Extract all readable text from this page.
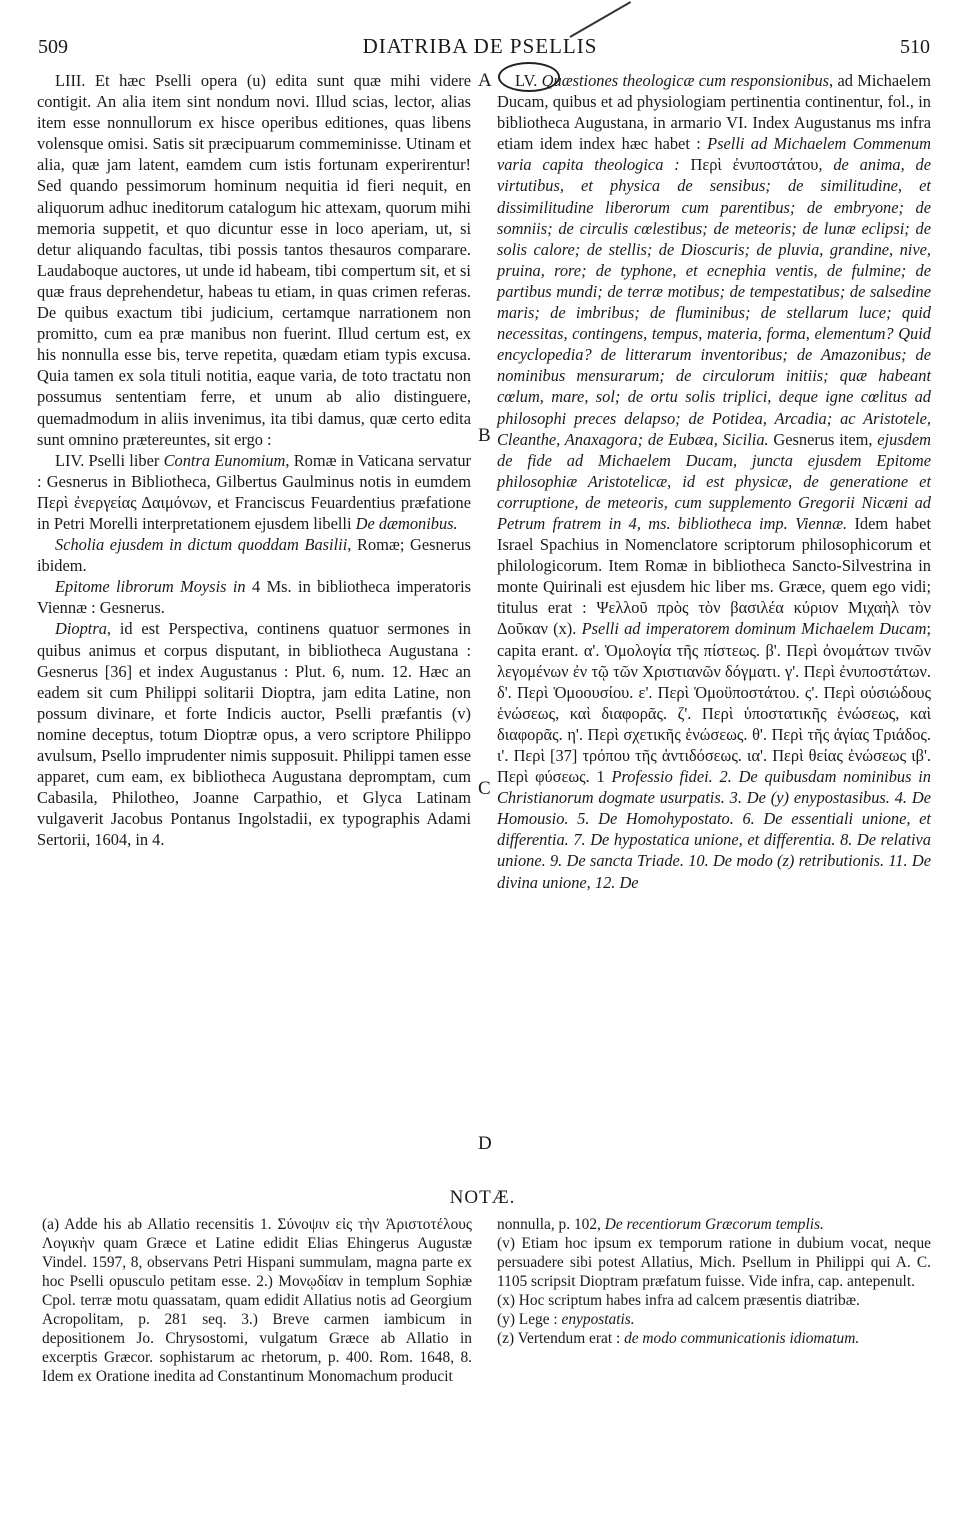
509	DIATRIBA DE PSELLIS	510
A
B
C
D

LIII. Et hæc Pselli opera (u) edita sunt quæ mihi videre contigit. An alia item sint nondum novi. Illud scias, lector, alias item esse nonnullorum ex hisce operibus editiones, quas libens volensque omisi. Satis sit præcipuarum commeminisse. Utinam et alia, quæ jam latent, eamdem cum istis fortunam experirentur! Sed quando pessimorum hominum nequitia id fieri nequit, en aliquorum adhuc ineditorum catalogum hic attexam, quorum mihi memoria suppetit, et quo dicuntur esse in loco aperiam, ut, si detur aliquando facultas, tibi possis tantos thesauros comparare. Laudaboque auctores, ut unde id habeam, tibi compertum sit, et si quæ fraus deprehendetur, habeas tu etiam, in quas crimen referas. De quibus exactum tibi judicium, certamque narrationem non promitto, cum ea præ manibus non fuerint. Illud certum est, ex his nonnulla esse bis, terve repetita, quædam etiam typis excusa. Quia tamen ex sola tituli notitia, eaque varia, de toto tractatu non possumus sententiam ferre, et unum ab alio distinguere, quemadmodum in aliis invenimus, ita tibi damus, quæ certo edita sunt omnino prætereuntes, sit ergo :

LIV. Pselli liber Contra Eunomium, Romæ in Vaticana servatur : Gesnerus in Bibliotheca, Gilbertus Gaulminus notis in eumdem Περὶ ἐνεργείας Δαιμόνων, et Franciscus Feuardentius præfatione in Petri Morelli interpretationem ejusdem libelli De dæmonibus.

Scholia ejusdem in dictum quoddam Basilii, Romæ; Gesnerus ibidem.

Epitome librorum Moysis in 4 Ms. in bibliotheca imperatoris Viennæ : Gesnerus.

Dioptra, id est Perspectiva, continens quatuor sermones in quibus animus et corpus disputant, in bibliotheca Augustana : Gesnerus [36] et index Augustanus : Plut. 6, num. 12. Hæc an eadem sit cum Philippi solitarii Dioptra, jam edita Latine, non possum divinare, et forte Indicis auctor, Pselli præfantis (v) nomine deceptus, totum Dioptræ opus, a vero scriptore Philippo avulsum, Psello imprudenter nimis supposuit. Philippi tamen esse apparet, cum eam, ex bibliotheca Augustana depromptam, cum Cabasila, Philotheo, Joanne Carpathio, et Glyca Latinam vulgaverit Jacobus Pontanus Ingolstadii, ex typographis Adami Sertorii, 1604, in 4.

LV. Quæstiones theologicæ cum responsionibus, ad Michaelem Ducam, quibus et ad physiologiam pertinentia continentur, fol., in bibliotheca Augustana, in armario VI. Index Augustanus ms infra etiam idem index hæc habet : Pselli ad Michaelem Commenum varia capita theologica : Περὶ ἐνυποστάτου, de anima, de virtutibus, et physica de sensibus; de similitudine, et dissimilitudine liberorum cum parentibus; de embryone; de somniis; de circulis cœlestibus; de meteoris; de lunæ eclipsi; de solis calore; de stellis; de Dioscuris; de pluvia, grandine, nive, pruina, rore; de typhone, et ecnephia ventis, de fulmine; de partibus mundi; de terræ motibus; de tempestatibus; de salsedine maris; de imbribus; de fluminibus; de stellarum luce; quid necessitas, contingens, tempus, materia, forma, elementum? Quid encyclopedia? de litterarum inventoribus; de Amazonibus; de nominibus mensurarum; de circulorum initiis; quæ habeant cœlum, mare, sol; de ortu solis triplici, deque igne cœlitus ad philosophi preces delapso; de Potidea, Arcadia; ac Aristotele, Cleanthe, Anaxagora; de Eubæa, Sicilia. Gesnerus item, ejusdem de fide ad Michaelem Ducam, juncta ejusdem Epitome philosophiæ Aristotelicæ, id est physicæ, de generatione et corruptione, de meteoris, cum supplemento Gregorii Nicæni ad Petrum fratrem in 4, ms. bibliotheca imp. Viennæ. Idem habet Israel Spachius in Nomenclatore scriptorum philosophicorum et philologicorum. Item Romæ in bibliotheca Sancto-Silvestrina in monte Quirinali est ejusdem hic liber ms. Græce, quem ego vidi; titulus erat : Ψελλοῦ πρὸς τὸν βασιλέα κύριον Μιχαὴλ τὸν Δοῦκαν (x). Pselli ad imperatorem dominum Michaelem Ducam; capita erant. α'. Ὁμολογία τῆς πίστεως. β'. Περὶ ὀνομάτων τινῶν λεγομένων ἐν τῷ τῶν Χριστιανῶν δόγματι. γ'. Περὶ ἐνυποστάτων. δ'. Περὶ Ὁμοουσίου. ε'. Περὶ Ὁμοϋποστάτου. ς'. Περὶ οὐσιώδους ἑνώσεως, καὶ διαφορᾶς. ζ'. Περὶ ὑποστατικῆς ἑνώσεως, καὶ διαφορᾶς. η'. Περὶ σχετικῆς ἑνώσεως. θ'. Περὶ τῆς ἁγίας Τριάδος. ι'. Περὶ [37] τρόπου τῆς ἀντιδόσεως. ια'. Περὶ θείας ἑνώσεως ιβ'. Περὶ φύσεως. 1 Professio fidei. 2. De quibusdam nominibus in Christianorum dogmate usurpatis. 3. De (y) enypostasibus. 4. De Homousio. 5. De Homohypostato. 6. De essentiali unione, et differentia. 7. De hypostatica unione, et differentia. 8. De relativa unione. 9. De sancta Triade. 10. De modo (z) retributionis. 11. De divina unione, 12. De

NOTÆ.

(a) Adde his ab Allatio recensitis 1. Σύνοψιν εἰς τὴν Ἀριστοτέλους Λογικὴν quam Græce et Latine edidit Elias Ehingerus Augustæ Vindel. 1597, 8, observans Petri Hispani summulam, magna parte ex hoc Pselli opusculo petitam esse. 2.) Μονῳδίαν in templum Sophiæ Cpol. terræ motu quassatam, quam edidit Allatius notis ad Georgium Acropolitam, p. 281 seq. 3.) Breve carmen iambicum in depositionem Jo. Chrysostomi, vulgatum Græce ab Allatio in excerptis Græcor. sophistarum ac rhetorum, p. 400. Rom. 1648, 8. Idem ex Oratione inedita ad Constantinum Monomachum producit

nonnulla, p. 102, De recentiorum Græcorum templis.

(v) Etiam hoc ipsum ex temporum ratione in dubium vocat, neque persuadere sibi potest Allatius, Mich. Psellum in Philippi qui A. C. 1105 scripsit Dioptram præfatum fuisse. Vide infra, cap. antepenult.

(x) Hoc scriptum habes infra ad calcem præsentis diatribæ.

(y) Lege : enypostatis.

(z) Vertendum erat : de modo communicationis idiomatum.
